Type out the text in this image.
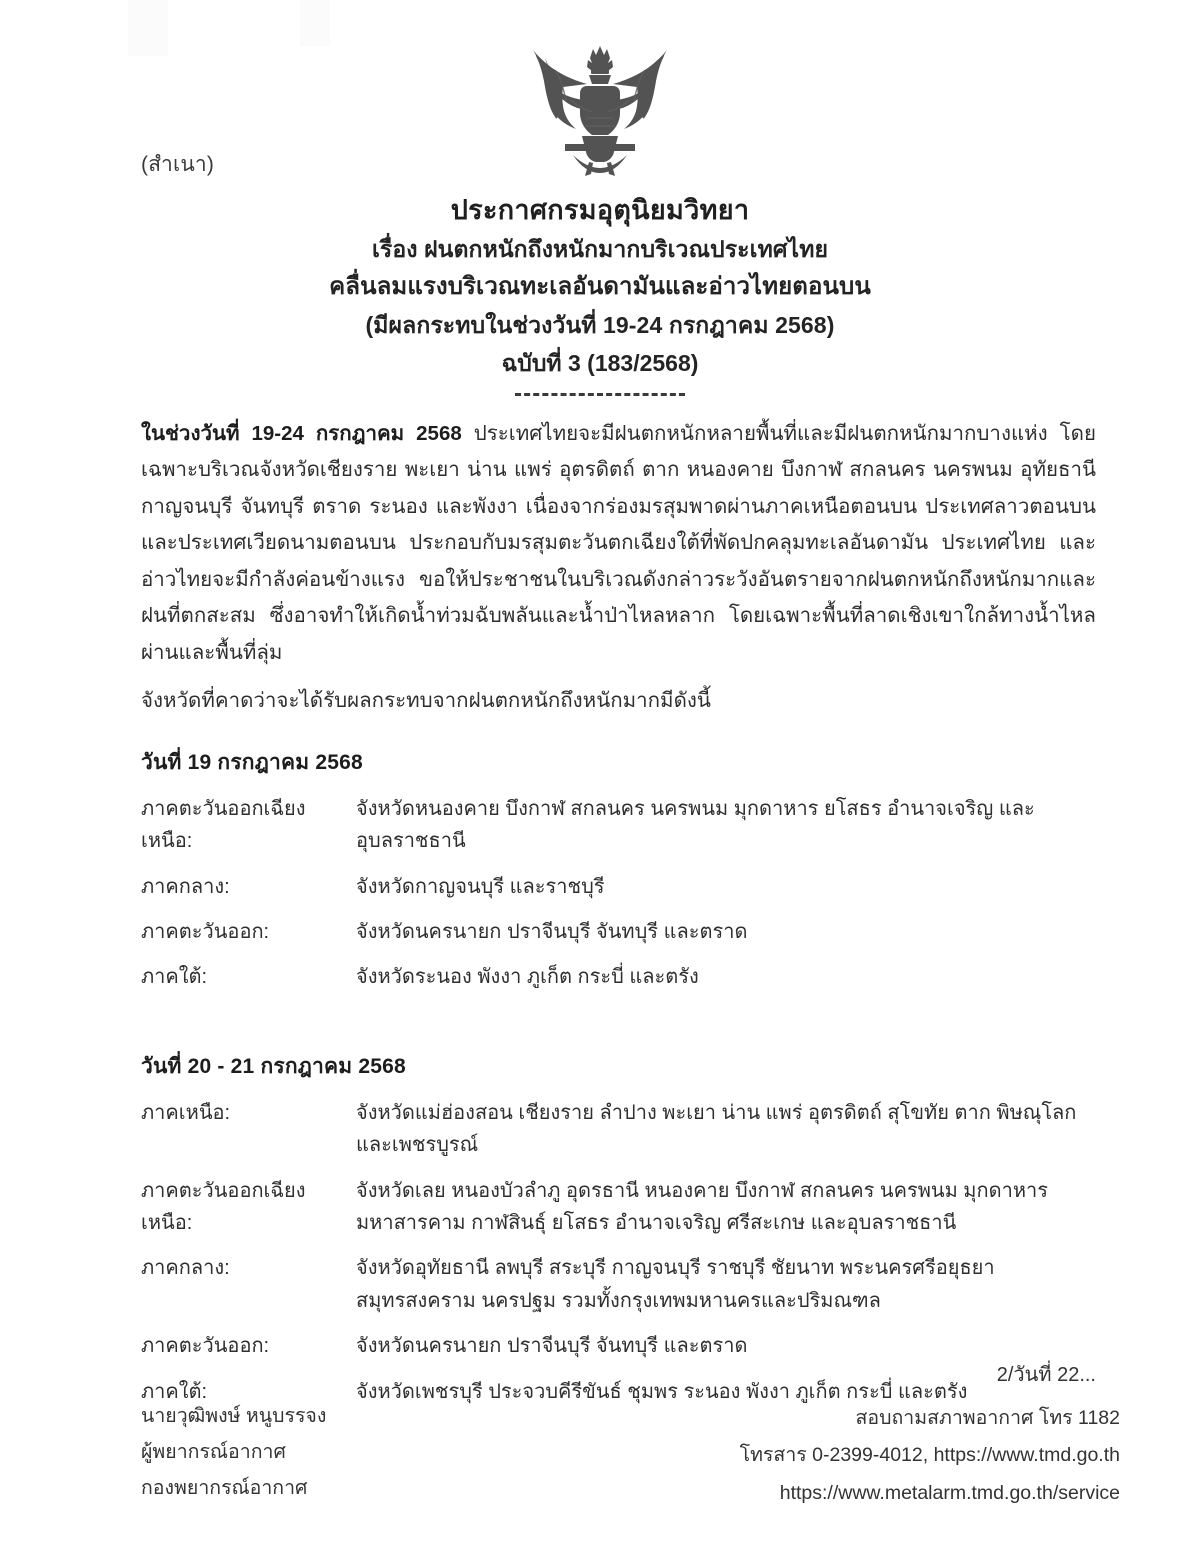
(สำเนา)
ประกาศกรมอุตุนิยมวิทยา
เรื่อง ฝนตกหนักถึงหนักมากบริเวณประเทศไทย
คลื่นลมแรงบริเวณทะเลอันดามันและอ่าวไทยตอนบน
(มีผลกระทบในช่วงวันที่ 19-24 กรกฎาคม 2568)
ฉบับที่ 3 (183/2568)

ในช่วงวันที่ 19-24 กรกฎาคม 2568 ประเทศไทยจะมีฝนตกหนักหลายพื้นที่และมีฝนตกหนักมากบางแห่ง โดยเฉพาะบริเวณจังหวัดเชียงราย พะเยา น่าน แพร่ อุตรดิตถ์ ตาก หนองคาย บึงกาฬ สกลนคร นครพนม อุทัยธานี กาญจนบุรี จันทบุรี ตราด ระนอง และพังงา เนื่องจากร่องมรสุมพาดผ่านภาคเหนือตอนบน ประเทศลาวตอนบน และประเทศเวียดนามตอนบน ประกอบกับมรสุมตะวันตกเฉียงใต้ที่พัดปกคลุมทะเลอันดามัน ประเทศไทย และอ่าวไทยจะมีกำลังค่อนข้างแรง ขอให้ประชาชนในบริเวณดังกล่าวระวังอันตรายจากฝนตกหนักถึงหนักมากและฝนที่ตกสะสม ซึ่งอาจทำให้เกิดน้ำท่วมฉับพลันและน้ำป่าไหลหลาก โดยเฉพาะพื้นที่ลาดเชิงเขาใกล้ทางน้ำไหลผ่านและพื้นที่ลุ่ม

จังหวัดที่คาดว่าจะได้รับผลกระทบจากฝนตกหนักถึงหนักมากมีดังนี้

วันที่ 19 กรกฎาคม 2568
ภาคตะวันออกเฉียงเหนือ:
จังหวัดหนองคาย บึงกาฬ สกลนคร นครพนม มุกดาหาร ยโสธร อำนาจเจริญ และอุบลราชธานี
ภาคกลาง:	จังหวัดกาญจนบุรี และราชบุรี
ภาคตะวันออก:	จังหวัดนครนายก ปราจีนบุรี จันทบุรี และตราด
ภาคใต้:	จังหวัดระนอง พังงา ภูเก็ต กระบี่ และตรัง
วันที่ 20 - 21 กรกฎาคม 2568
ภาคเหนือ:	จังหวัดแม่ฮ่องสอน เชียงราย ลำปาง พะเยา น่าน แพร่ อุตรดิตถ์ สุโขทัย ตาก พิษณุโลก และเพชรบูรณ์
ภาคตะวันออกเฉียงเหนือ:
จังหวัดเลย หนองบัวลำภู อุดรธานี หนองคาย บึงกาฬ สกลนคร นครพนม มุกดาหาร มหาสารคาม กาฬสินธุ์ ยโสธร อำนาจเจริญ ศรีสะเกษ และอุบลราชธานี
ภาคกลาง:	จังหวัดอุทัยธานี ลพบุรี สระบุรี กาญจนบุรี ราชบุรี ชัยนาท พระนครศรีอยุธยา สมุทรสงคราม นครปฐม รวมทั้งกรุงเทพมหานครและปริมณฑล
ภาคตะวันออก:	จังหวัดนครนายก ปราจีนบุรี จันทบุรี และตราด
ภาคใต้:	จังหวัดเพชรบุรี ประจวบคีรีขันธ์ ชุมพร ระนอง พังงา ภูเก็ต กระบี่ และตรัง
2/วันที่ 22...
นายวุฒิพงษ์ หนูบรรจง
ผู้พยากรณ์อากาศ
กองพยากรณ์อากาศ
สอบถามสภาพอากาศ โทร 1182
โทรสาร 0-2399-4012, https://www.tmd.go.th
https://www.metalarm.tmd.go.th/service
